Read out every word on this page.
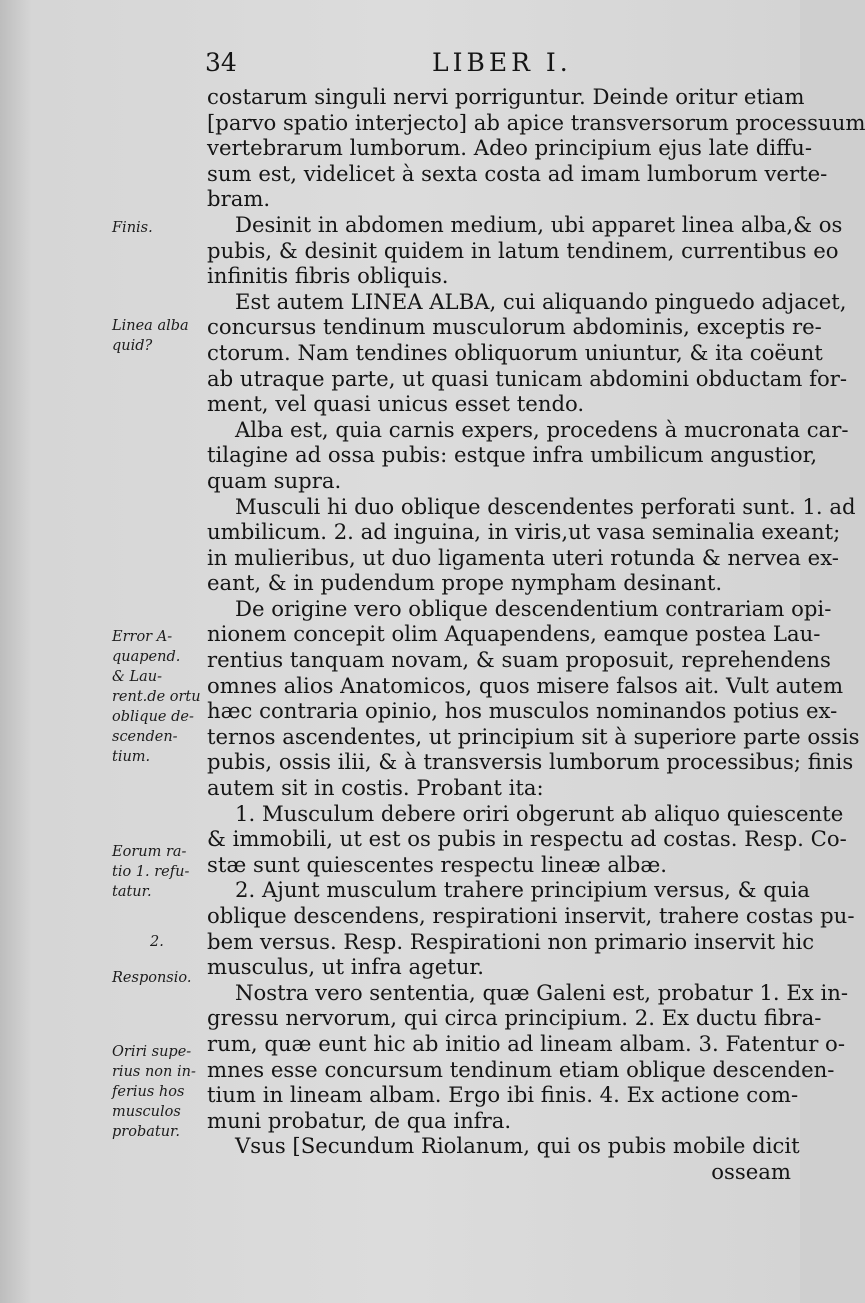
34	LIBER I.
Finis.
Linea alba
quid?
Error A-
quapend.
& Lau-
rent.de ortu
oblique de-
scenden-
tium.
Eorum ra-
tio 1. refu-
tatur.
2.
Responsio.
Oriri supe-
rius non in-
ferius hos
musculos
probatur.
costarum singuli nervi porriguntur. Deinde oritur etiam
[parvo spatio interjecto] ab apice transversorum processuum
vertebrarum lumborum. Adeo principium ejus late diffu-
sum est, videlicet à sexta costa ad imam lumborum verte-
bram.
Desinit in abdomen medium, ubi apparet linea alba,& os
pubis, & desinit quidem in latum tendinem, currentibus eo
infinitis fibris obliquis.
Est autem LINEA ALBA, cui aliquando pinguedo adjacet,
concursus tendinum musculorum abdominis, exceptis re-
ctorum. Nam tendines obliquorum uniuntur, & ita coëunt
ab utraque parte, ut quasi tunicam abdomini obductam for-
ment, vel quasi unicus esset tendo.
Alba est, quia carnis expers, procedens à mucronata car-
tilagine ad ossa pubis: estque infra umbilicum angustior,
quam supra.
Musculi hi duo oblique descendentes perforati sunt. 1. ad
umbilicum. 2. ad inguina, in viris,ut vasa seminalia exeant;
in mulieribus, ut duo ligamenta uteri rotunda & nervea ex-
eant, & in pudendum prope nympham desinant.
De origine vero oblique descendentium contrariam opi-
nionem concepit olim Aquapendens, eamque postea Lau-
rentius tanquam novam, & suam proposuit, reprehendens
omnes alios Anatomicos, quos misere falsos ait. Vult autem
hæc contraria opinio, hos musculos nominandos potius ex-
ternos ascendentes, ut principium sit à superiore parte ossis
pubis, ossis ilii, & à transversis lumborum processibus; finis
autem sit in costis. Probant ita:
1. Musculum debere oriri obgerunt ab aliquo quiescente
& immobili, ut est os pubis in respectu ad costas. Resp. Co-
stæ sunt quiescentes respectu lineæ albæ.
2. Ajunt musculum trahere principium versus, & quia
oblique descendens, respirationi inservit, trahere costas pu-
bem versus. Resp. Respirationi non primario inservit hic
musculus, ut infra agetur.
Nostra vero sententia, quæ Galeni est, probatur 1. Ex in-
gressu nervorum, qui circa principium. 2. Ex ductu fibra-
rum, quæ eunt hic ab initio ad lineam albam. 3. Fatentur o-
mnes esse concursum tendinum etiam oblique descenden-
tium in lineam albam. Ergo ibi finis. 4. Ex actione com-
muni probatur, de qua infra.
Vsus [Secundum Riolanum, qui os pubis mobile dicit
osseam
